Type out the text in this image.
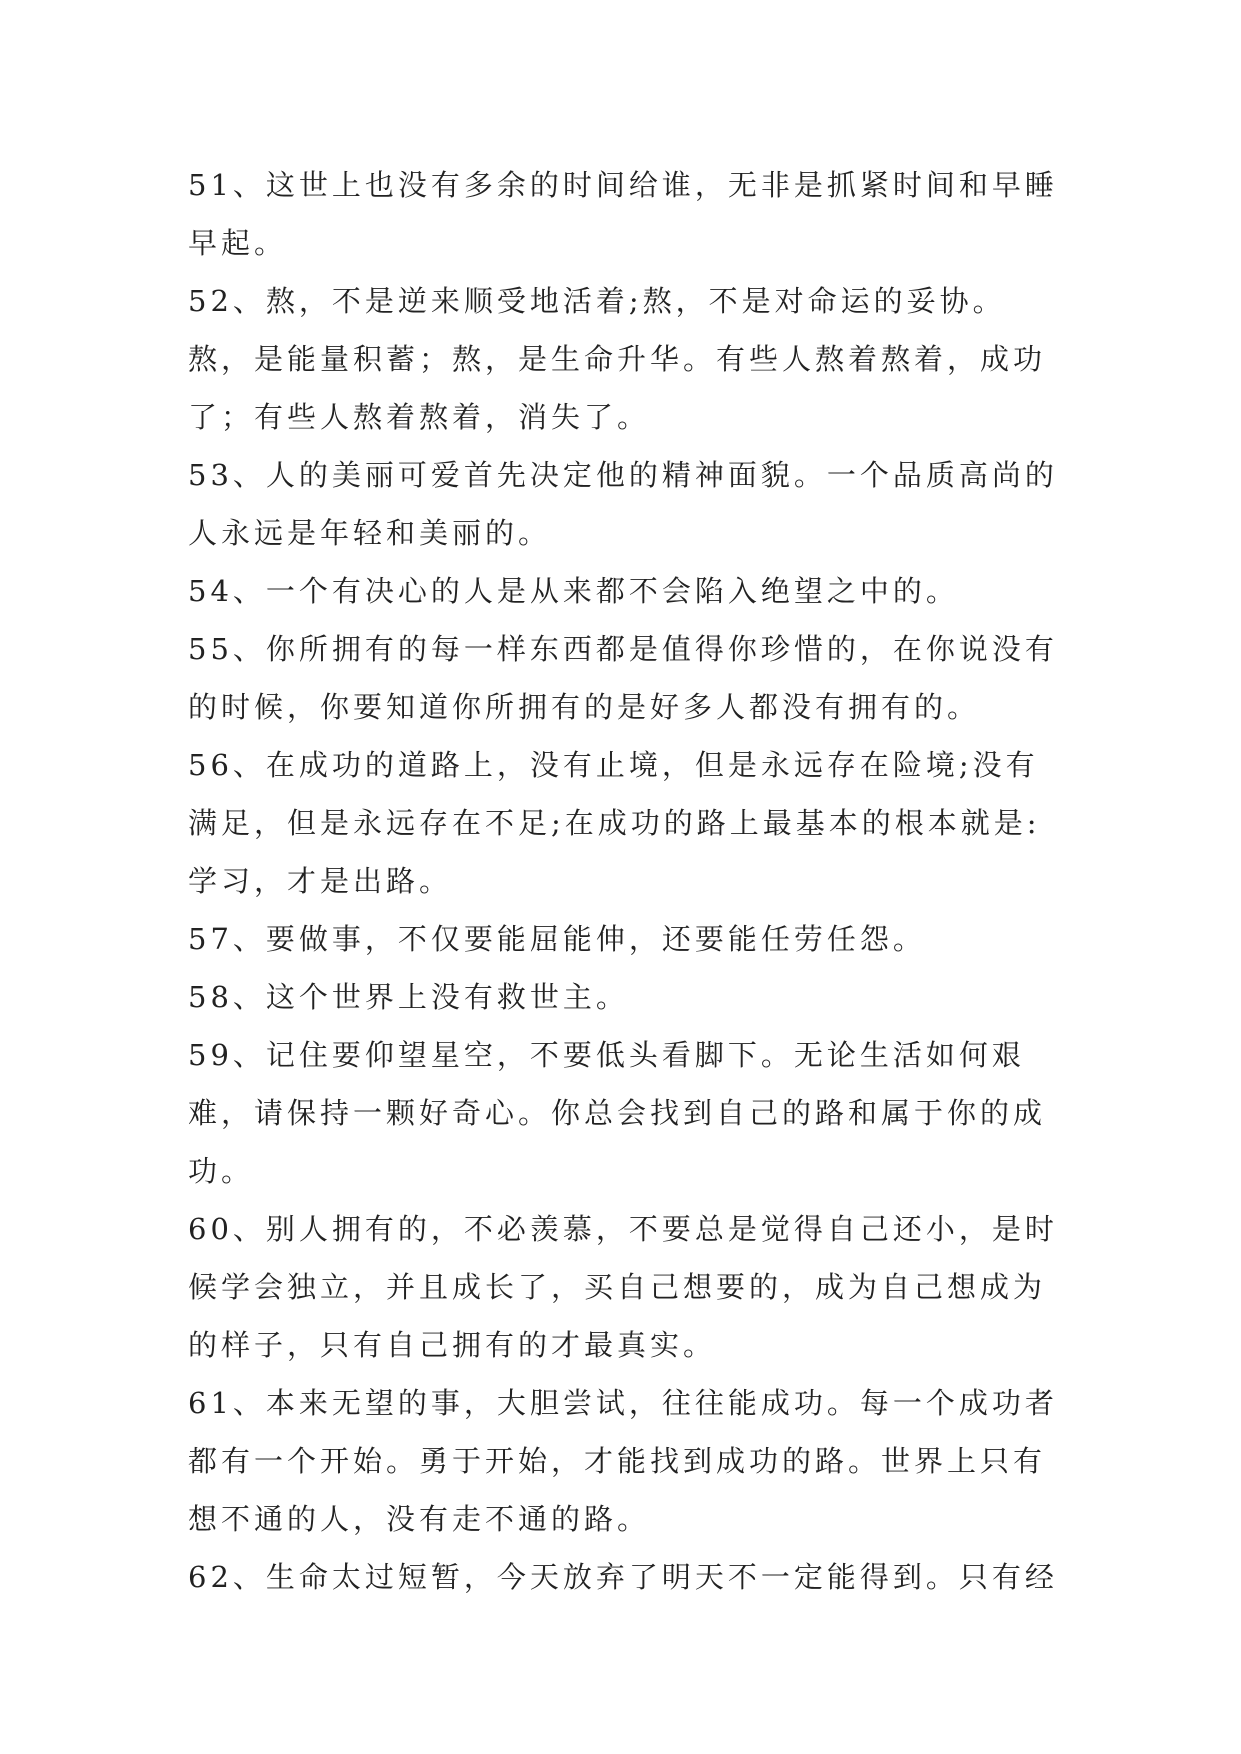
51、这世上也没有多余的时间给谁，无非是抓紧时间和早睡早起。

52、熬，不是逆来顺受地活着;熬，不是对命运的妥协。熬，是能量积蓄；熬，是生命升华。有些人熬着熬着，成功了；有些人熬着熬着，消失了。

53、人的美丽可爱首先决定他的精神面貌。一个品质高尚的人永远是年轻和美丽的。

54、一个有决心的人是从来都不会陷入绝望之中的。

55、你所拥有的每一样东西都是值得你珍惜的，在你说没有的时候，你要知道你所拥有的是好多人都没有拥有的。

56、在成功的道路上，没有止境，但是永远存在险境;没有满足，但是永远存在不足;在成功的路上最基本的根本就是:学习，才是出路。

57、要做事，不仅要能屈能伸，还要能任劳任怨。

58、这个世界上没有救世主。

59、记住要仰望星空，不要低头看脚下。无论生活如何艰难，请保持一颗好奇心。你总会找到自己的路和属于你的成功。

60、别人拥有的，不必羡慕，不要总是觉得自己还小，是时候学会独立，并且成长了，买自己想要的，成为自己想成为的样子，只有自己拥有的才最真实。

61、本来无望的事，大胆尝试，往往能成功。每一个成功者都有一个开始。勇于开始，才能找到成功的路。世界上只有想不通的人，没有走不通的路。

62、生命太过短暂，今天放弃了明天不一定能得到。只有经
